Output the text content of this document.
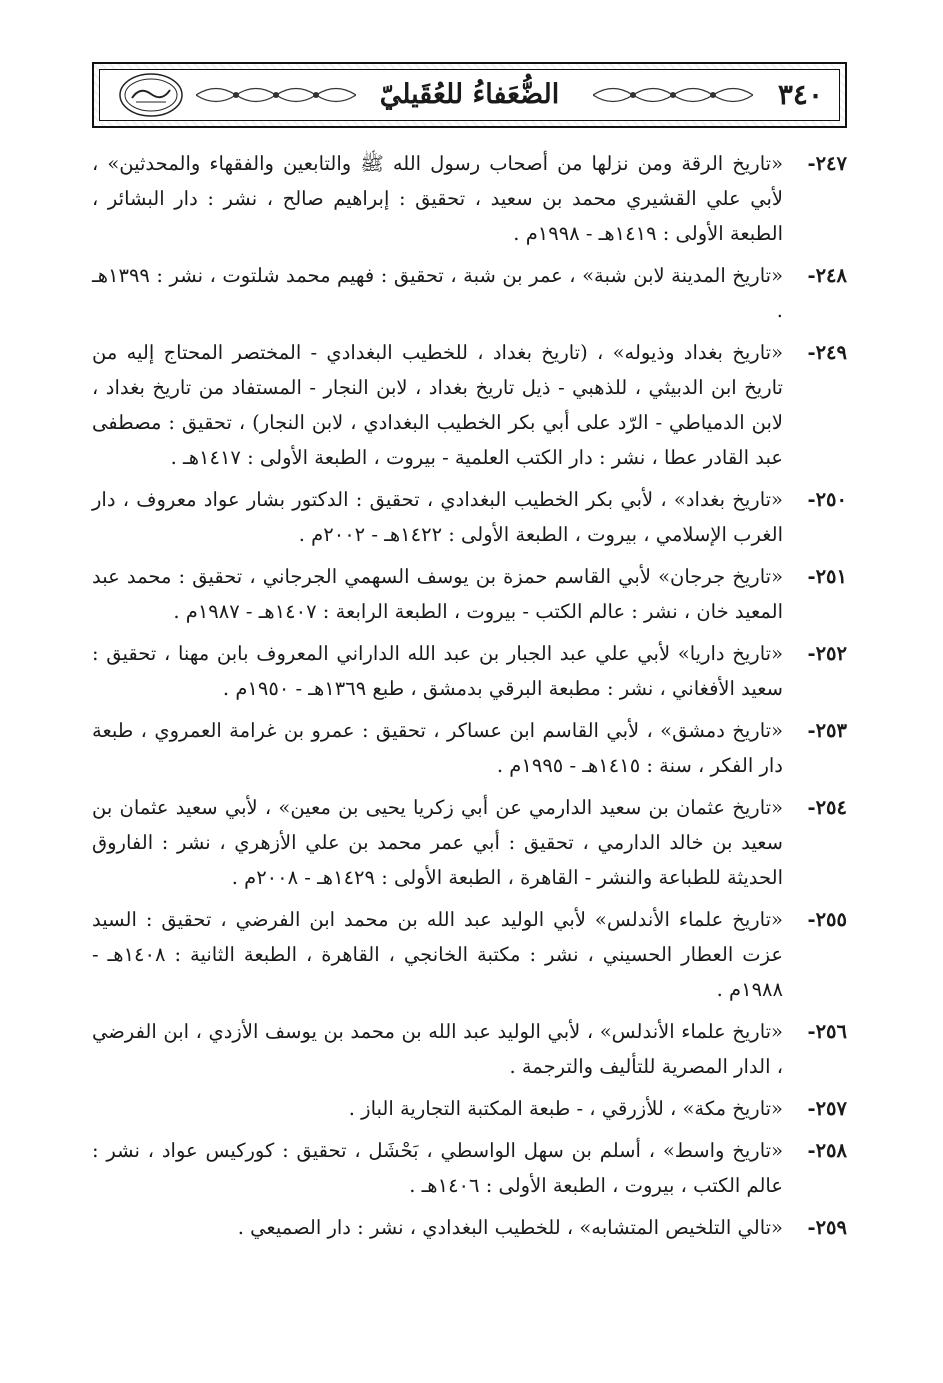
٣٤٠
الضُّعَفاءُ للعُقَيليّ
٢٤٧-
«تاريخ الرقة ومن نزلها من أصحاب رسول الله ﷺ والتابعين والفقهاء والمحدثين» ، لأبي علي القشيري محمد بن سعيد ، تحقيق : إبراهيم صالح ، نشر : دار البشائر ، الطبعة الأولى : ١٤١٩هـ - ١٩٩٨م .
٢٤٨-
«تاريخ المدينة لابن شبة» ، عمر بن شبة ، تحقيق : فهيم محمد شلتوت ، نشر : ١٣٩٩هـ .
٢٤٩-
«تاريخ بغداد وذيوله» ، (تاريخ بغداد ، للخطيب البغدادي - المختصر المحتاج إليه من تاريخ ابن الدبيثي ، للذهبي - ذيل تاريخ بغداد ، لابن النجار - المستفاد من تاريخ بغداد ، لابن الدمياطي - الرّد على أبي بكر الخطيب البغدادي ، لابن النجار) ، تحقيق : مصطفى عبد القادر عطا ، نشر : دار الكتب العلمية - بيروت ، الطبعة الأولى : ١٤١٧هـ .
٢٥٠-
«تاريخ بغداد» ، لأبي بكر الخطيب البغدادي ، تحقيق : الدكتور بشار عواد معروف ، دار الغرب الإسلامي ، بيروت ، الطبعة الأولى : ١٤٢٢هـ - ٢٠٠٢م .
٢٥١-
«تاريخ جرجان» لأبي القاسم حمزة بن يوسف السهمي الجرجاني ، تحقيق : محمد عبد المعيد خان ، نشر : عالم الكتب - بيروت ، الطبعة الرابعة : ١٤٠٧هـ - ١٩٨٧م .
٢٥٢-
«تاريخ داريا» لأبي علي عبد الجبار بن عبد الله الداراني المعروف بابن مهنا ، تحقيق : سعيد الأفغاني ، نشر : مطبعة البرقي بدمشق ، طبع ١٣٦٩هـ - ١٩٥٠م .
٢٥٣-
«تاريخ دمشق» ، لأبي القاسم ابن عساكر ، تحقيق : عمرو بن غرامة العمروي ، طبعة دار الفكر ، سنة : ١٤١٥هـ - ١٩٩٥م .
٢٥٤-
«تاريخ عثمان بن سعيد الدارمي عن أبي زكريا يحيى بن معين» ، لأبي سعيد عثمان بن سعيد بن خالد الدارمي ، تحقيق : أبي عمر محمد بن علي الأزهري ، نشر : الفاروق الحديثة للطباعة والنشر - القاهرة ، الطبعة الأولى : ١٤٢٩هـ - ٢٠٠٨م .
٢٥٥-
«تاريخ علماء الأندلس» لأبي الوليد عبد الله بن محمد ابن الفرضي ، تحقيق : السيد عزت العطار الحسيني ، نشر : مكتبة الخانجي ، القاهرة ، الطبعة الثانية : ١٤٠٨هـ - ١٩٨٨م .
٢٥٦-
«تاريخ علماء الأندلس» ، لأبي الوليد عبد الله بن محمد بن يوسف الأزدي ، ابن الفرضي ، الدار المصرية للتأليف والترجمة .
٢٥٧-
«تاريخ مكة» ، للأزرقي ، - طبعة المكتبة التجارية الباز .
٢٥٨-
«تاريخ واسط» ، أسلم بن سهل الواسطي ، بَحْشَل ، تحقيق : كوركيس عواد ، نشر : عالم الكتب ، بيروت ، الطبعة الأولى : ١٤٠٦هـ .
٢٥٩-
«تالي التلخيص المتشابه» ، للخطيب البغدادي ، نشر : دار الصميعي .
